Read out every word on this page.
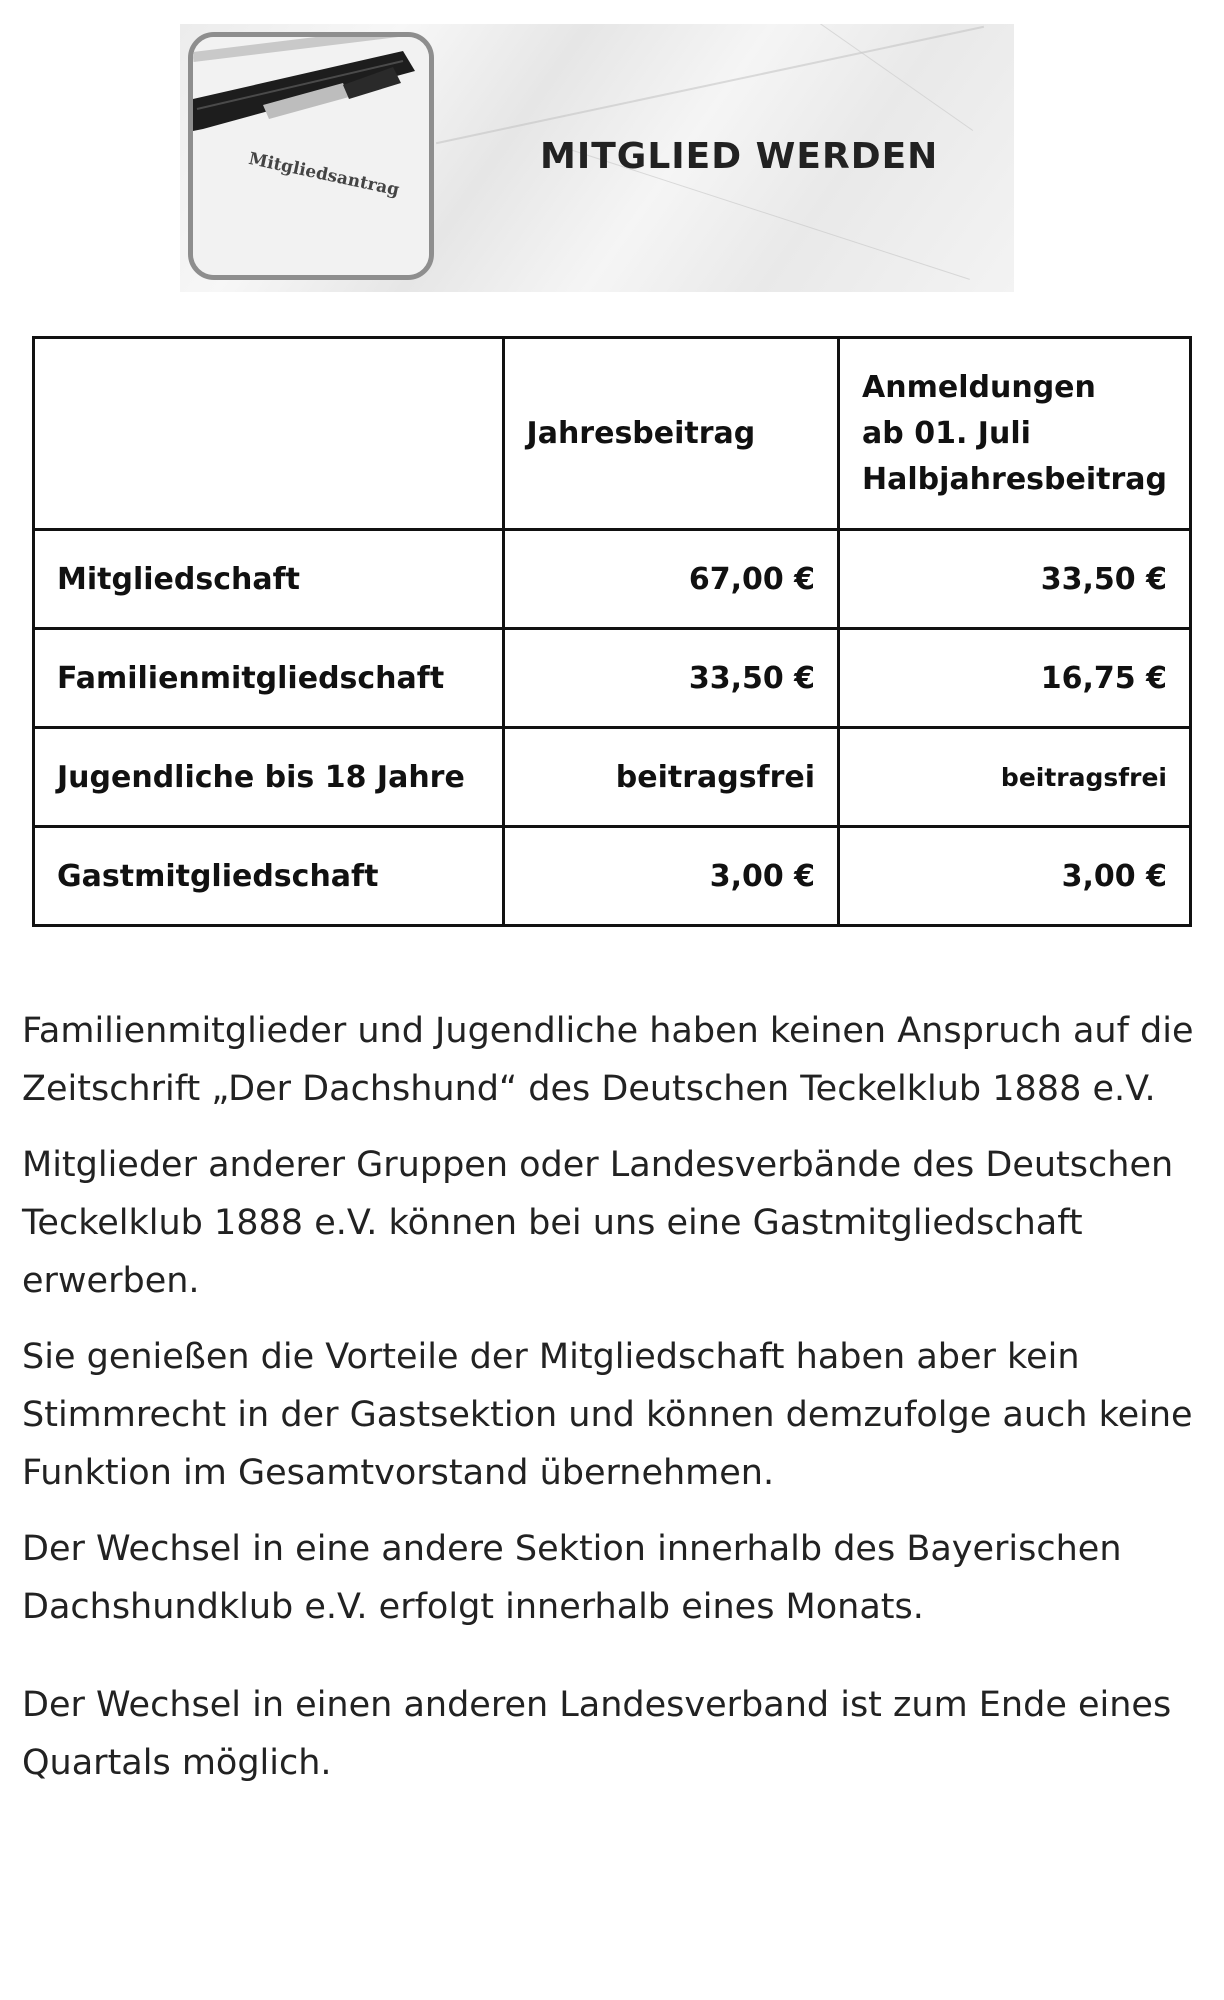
Mitgliedsantrag	MITGLIED WERDEN
	Jahresbeitrag	Anmeldungen
ab 01. Juli
Halbjahresbeitrag

Mitgliedschaft	67,00 €	33,50 €
Familienmitgliedschaft	33,50 €	16,75 €
Jugendliche bis 18 Jahre	beitragsfrei	beitragsfrei
Gastmitgliedschaft	3,00 €	3,00 €

Familienmitglieder und Jugendliche haben keinen Anspruch auf die Zeitschrift „Der Dachshund“ des Deutschen Teckelklub 1888 e.V.

Mitglieder anderer Gruppen oder Landesverbände des Deutschen Teckelklub 1888 e.V. können bei uns eine Gastmitgliedschaft erwerben.

Sie genießen die Vorteile der Mitgliedschaft haben aber kein Stimmrecht in der Gastsektion und können demzufolge auch keine Funktion im Gesamtvorstand übernehmen.

Der Wechsel in eine andere Sektion innerhalb des Bayerischen Dachshundklub e.V. erfolgt innerhalb eines Monats.

Der Wechsel in einen anderen Landesverband ist zum Ende eines Quartals möglich.
